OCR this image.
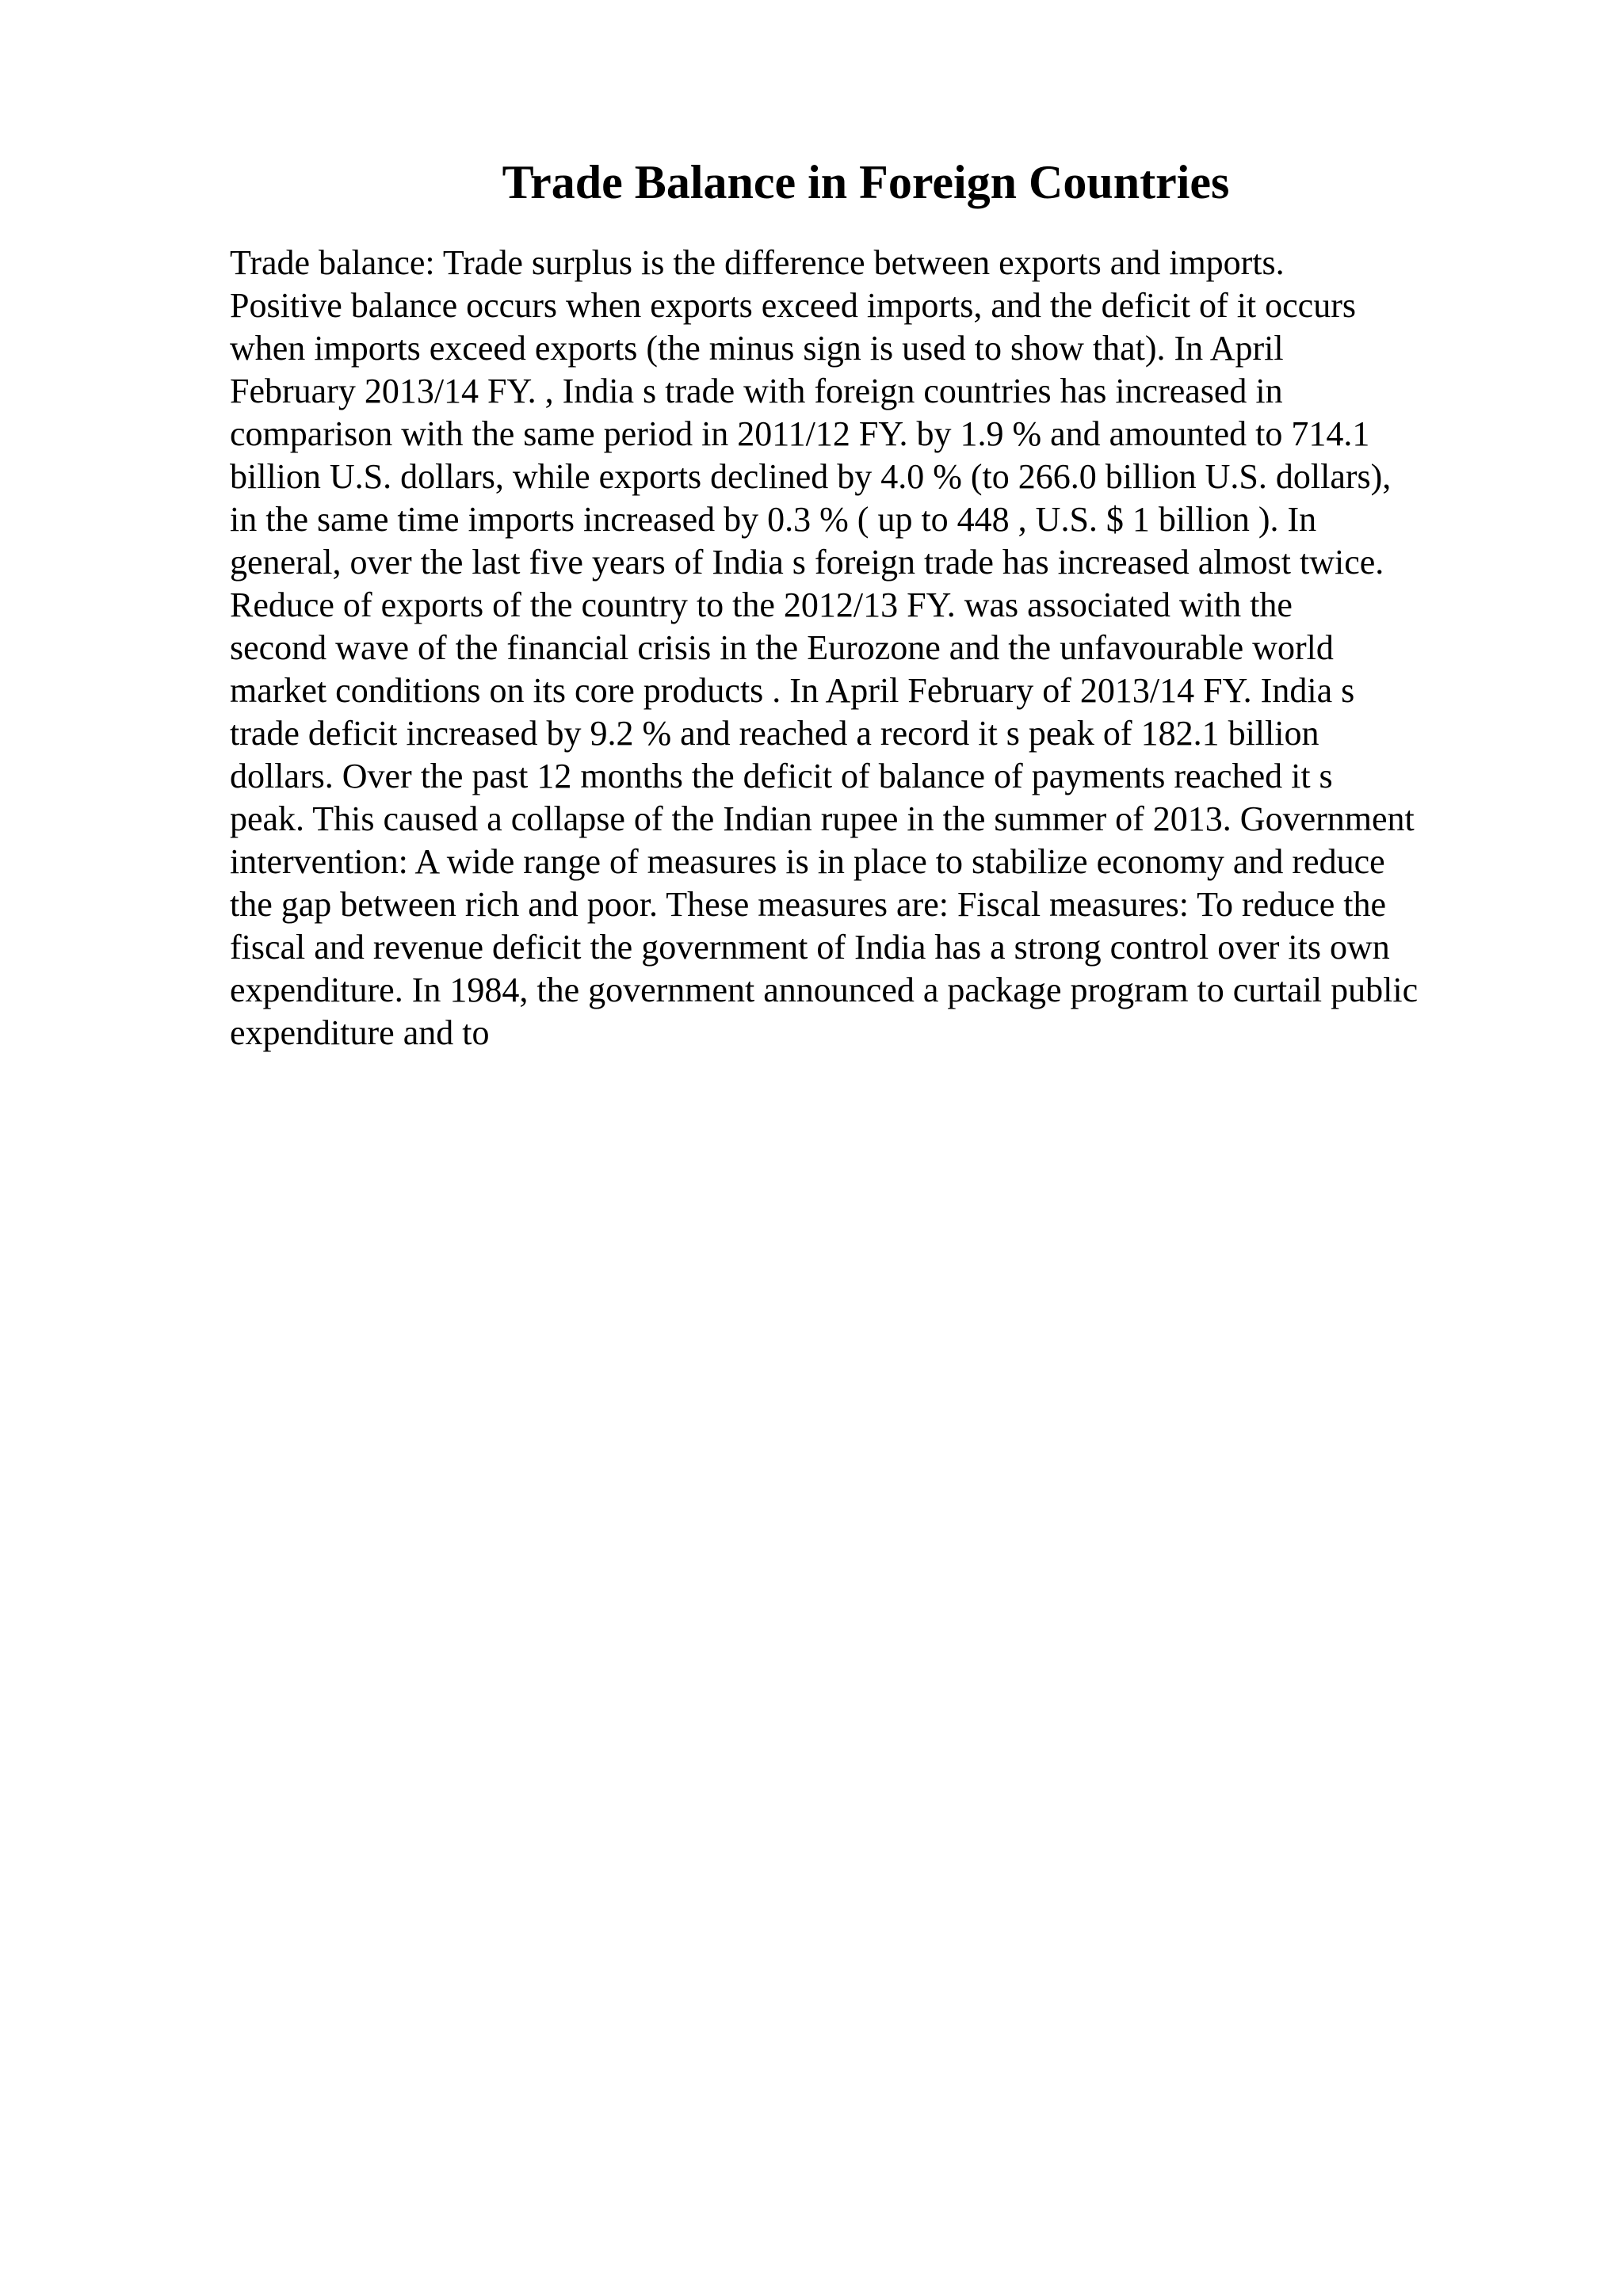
Trade Balance in Foreign Countries
Trade balance: Trade surplus is the difference between exports and imports.
Positive balance occurs when exports exceed imports, and the deficit of it occurs
when imports exceed exports (the minus sign is used to show that). In April
February 2013/14 FY. , India s trade with foreign countries has increased in
comparison with the same period in 2011/12 FY. by 1.9 % and amounted to 714.1
billion U.S. dollars, while exports declined by 4.0 % (to 266.0 billion U.S. dollars),
in the same time imports increased by 0.3 % ( up to 448 , U.S. $ 1 billion ). In
general, over the last five years of India s foreign trade has increased almost twice.
Reduce of exports of the country to the 2012/13 FY. was associated with the
second wave of the financial crisis in the Eurozone and the unfavourable world
market conditions on its core products . In April February of 2013/14 FY. India s
trade deficit increased by 9.2 % and reached a record it s peak of 182.1 billion
dollars. Over the past 12 months the deficit of balance of payments reached it s
peak. This caused a collapse of the Indian rupee in the summer of 2013. Government
intervention: A wide range of measures is in place to stabilize economy and reduce
the gap between rich and poor. These measures are: Fiscal measures: To reduce the
fiscal and revenue deficit the government of India has a strong control over its own
expenditure. In 1984, the government announced a package program to curtail public
expenditure and to
